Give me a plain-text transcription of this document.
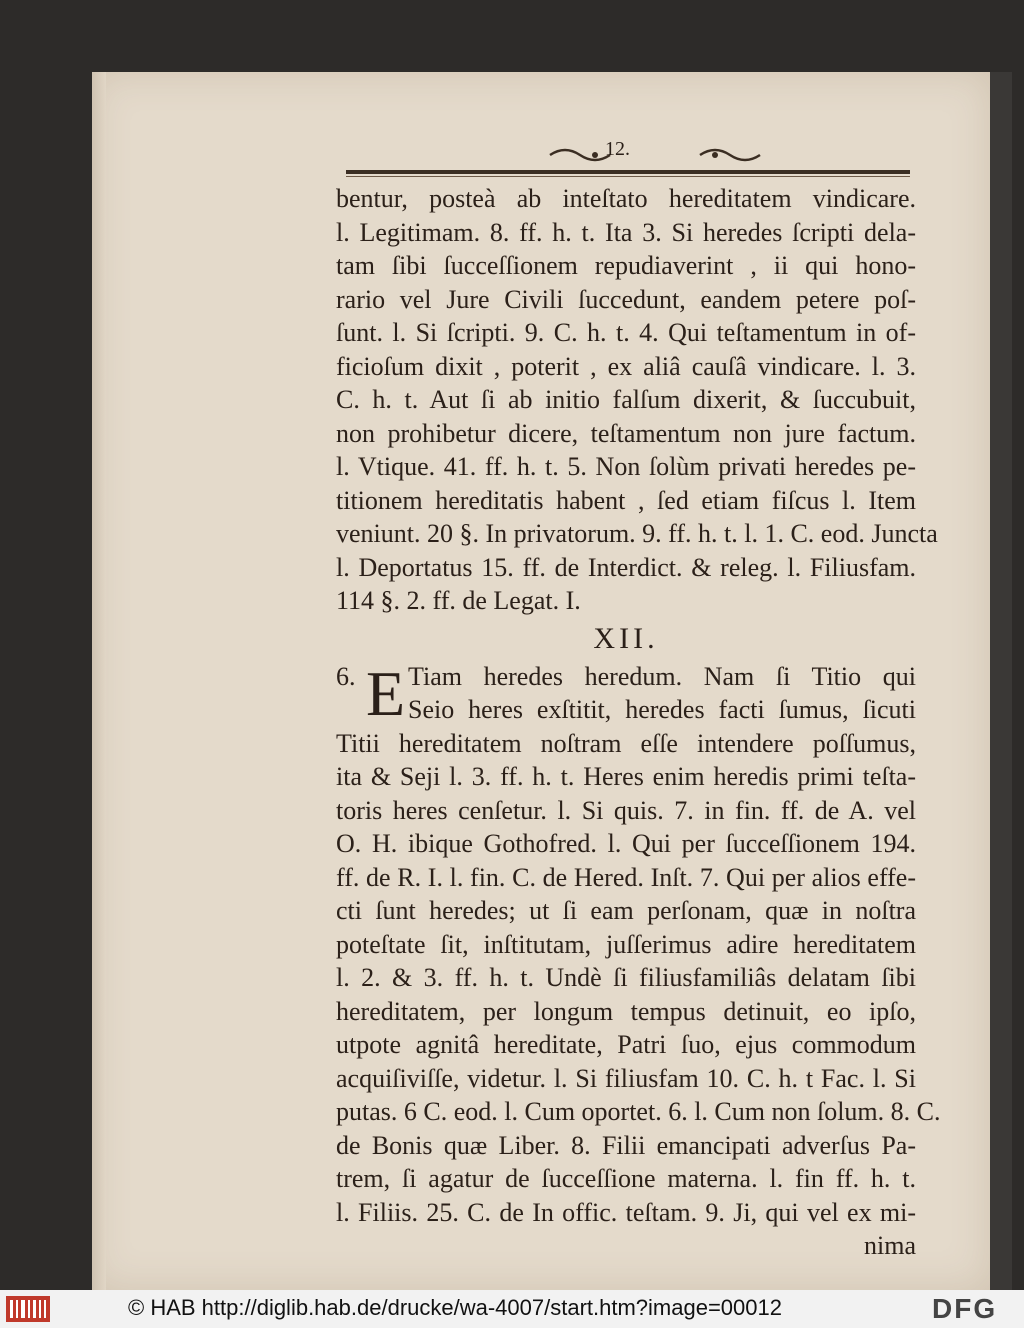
12.
bentur, posteà ab inteſtato hereditatem vindicare.
l. Legitimam. 8. ff. h. t. Ita 3. Si heredes ſcripti dela-
tam ſibi ſucceſſionem repudiaverint , ii qui hono-
rario vel Jure Civili ſuccedunt, eandem petere poſ-
ſunt. l. Si ſcripti. 9. C. h. t. 4. Qui teſtamentum in of-
ficioſum dixit , poterit , ex aliâ cauſâ vindicare. l. 3.
C. h. t. Aut ſi ab initio falſum dixerit, & ſuccubuit,
non prohibetur dicere, teſtamentum non jure factum.
l. Vtique. 41. ff. h. t. 5. Non ſolùm privati heredes pe-
titionem hereditatis habent , ſed etiam fiſcus l. Item
veniunt. 20 §. In privatorum. 9. ff. h. t. l. 1. C. eod. Juncta
l. Deportatus 15. ff. de Interdict. & releg. l. Filiusfam.
114 §. 2. ff. de Legat. I.
XII.
6. E Tiam heredes heredum. Nam ſi Titio qui
Seio heres exſtitit, heredes facti ſumus, ſicuti
Titii hereditatem noſtram eſſe intendere poſſumus,
ita & Seji l. 3. ff. h. t. Heres enim heredis primi teſta-
toris heres cenſetur. l. Si quis. 7. in fin. ff. de A. vel
O. H. ibique Gothofred. l. Qui per ſucceſſionem 194.
ff. de R. I. l. fin. C. de Hered. Inſt. 7. Qui per alios effe-
cti ſunt heredes; ut ſi eam perſonam, quæ in noſtra
poteſtate ſit, inſtitutam, juſſerimus adire hereditatem
l. 2. & 3. ff. h. t. Undè ſi filiusfamiliâs delatam ſibi
hereditatem, per longum tempus detinuit, eo ipſo,
utpote agnitâ hereditate, Patri ſuo, ejus commodum
acquiſiviſſe, videtur. l. Si filiusfam 10. C. h. t Fac. l. Si
putas. 6 C. eod. l. Cum oportet. 6. l. Cum non ſolum. 8. C.
de Bonis quæ Liber. 8. Filii emancipati adverſus Pa-
trem, ſi agatur de ſucceſſione materna. l. fin ff. h. t.
l. Filiis. 25. C. de In offic. teſtam. 9. Ji, qui vel ex mi-
nima
© HAB http://diglib.hab.de/drucke/wa-4007/start.htm?image=00012	DFG
